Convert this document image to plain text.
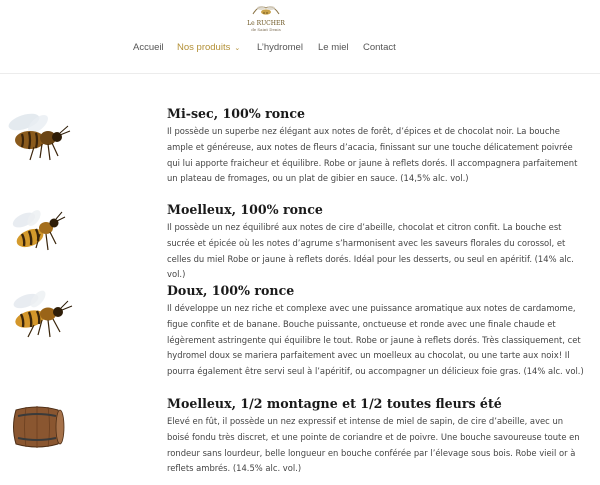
Le RUCHER
de Saint Denis
Accueil Nos produits ⌄ L’hydromel Le miel Contact
Mi-sec, 100% ronce
Il possède un superbe nez élégant aux notes de forêt, d’épices et de chocolat noir. La bouche ample et généreuse, aux notes de fleurs d’acacia, finissant sur une touche délicatement poivrée qui lui apporte fraicheur et équilibre. Robe or jaune à reflets dorés. Il accompagnera parfaitement un plateau de fromages, ou un plat de gibier en sauce. (14,5% alc. vol.)
Moelleux, 100% ronce
Il possède un nez équilibré aux notes de cire d’abeille, chocolat et citron confit. La bouche est sucrée et épicée où les notes d’agrume s’harmonisent avec les saveurs florales du corossol, et celles du miel Robe or jaune à reflets dorés. Idéal pour les desserts, ou seul en apéritif. (14% alc. vol.)
Doux, 100% ronce
Il développe un nez riche et complexe avec une puissance aromatique aux notes de cardamome, figue confite et de banane. Bouche puissante, onctueuse et ronde avec une finale chaude et légèrement astringente qui équilibre le tout. Robe or jaune à reflets dorés. Très classiquement, cet hydromel doux se mariera parfaitement avec un moelleux au chocolat, ou une tarte aux noix! Il pourra également être servi seul à l’apéritif, ou accompagner un délicieux foie gras. (14% alc. vol.)
Moelleux, 1/2 montagne et 1/2 toutes fleurs été
Elevé en fût, il possède un nez expressif et intense de miel de sapin, de cire d’abeille, avec un boisé fondu très discret, et une pointe de coriandre et de poivre. Une bouche savoureuse toute en rondeur sans lourdeur, belle longueur en bouche conférée par l’élevage sous bois. Robe vieil or à reflets ambrés. (14.5% alc. vol.)
